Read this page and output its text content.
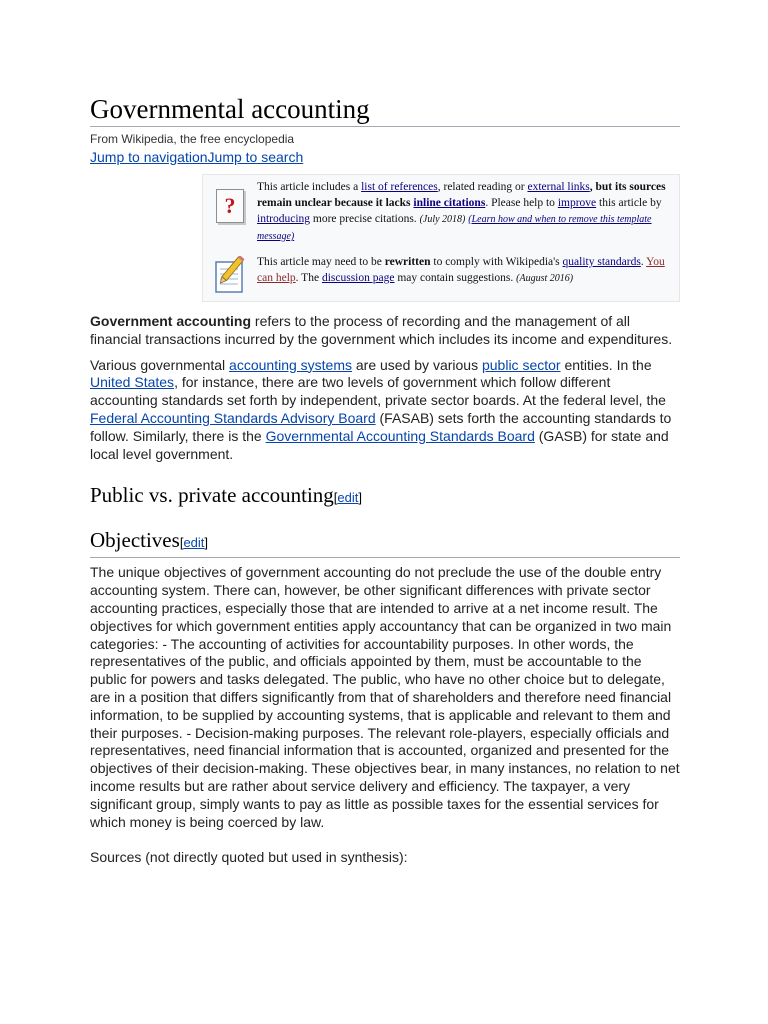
Governmental accounting
From Wikipedia, the free encyclopedia
Jump to navigationJump to search
?
This article includes a list of references, related reading or external links, but its sources remain unclear because it lacks inline citations. Please help to improve this article by introducing more precise citations. (July 2018) (Learn how and when to remove this template message)
This article may need to be rewritten to comply with Wikipedia's quality standards. You can help. The discussion page may contain suggestions. (August 2016)

Government accounting refers to the process of recording and the management of all financial transactions incurred by the government which includes its income and expenditures.

Various governmental accounting systems are used by various public sector entities. In the United States, for instance, there are two levels of government which follow different accounting standards set forth by independent, private sector boards. At the federal level, the Federal Accounting Standards Advisory Board (FASAB) sets forth the accounting standards to follow. Similarly, there is the Governmental Accounting Standards Board (GASB) for state and local level government.

Public vs. private accounting[edit]
Objectives[edit]

The unique objectives of government accounting do not preclude the use of the double entry accounting system. There can, however, be other significant differences with private sector accounting practices, especially those that are intended to arrive at a net income result. The objectives for which government entities apply accountancy that can be organized in two main categories: - The accounting of activities for accountability purposes. In other words, the representatives of the public, and officials appointed by them, must be accountable to the public for powers and tasks delegated. The public, who have no other choice but to delegate, are in a position that differs significantly from that of shareholders and therefore need financial information, to be supplied by accounting systems, that is applicable and relevant to them and their purposes. - Decision-making purposes. The relevant role-players, especially officials and representatives, need financial information that is accounted, organized and presented for the objectives of their decision-making. These objectives bear, in many instances, no relation to net income results but are rather about service delivery and efficiency. The taxpayer, a very significant group, simply wants to pay as little as possible taxes for the essential services for which money is being coerced by law.

Sources (not directly quoted but used in synthesis):
